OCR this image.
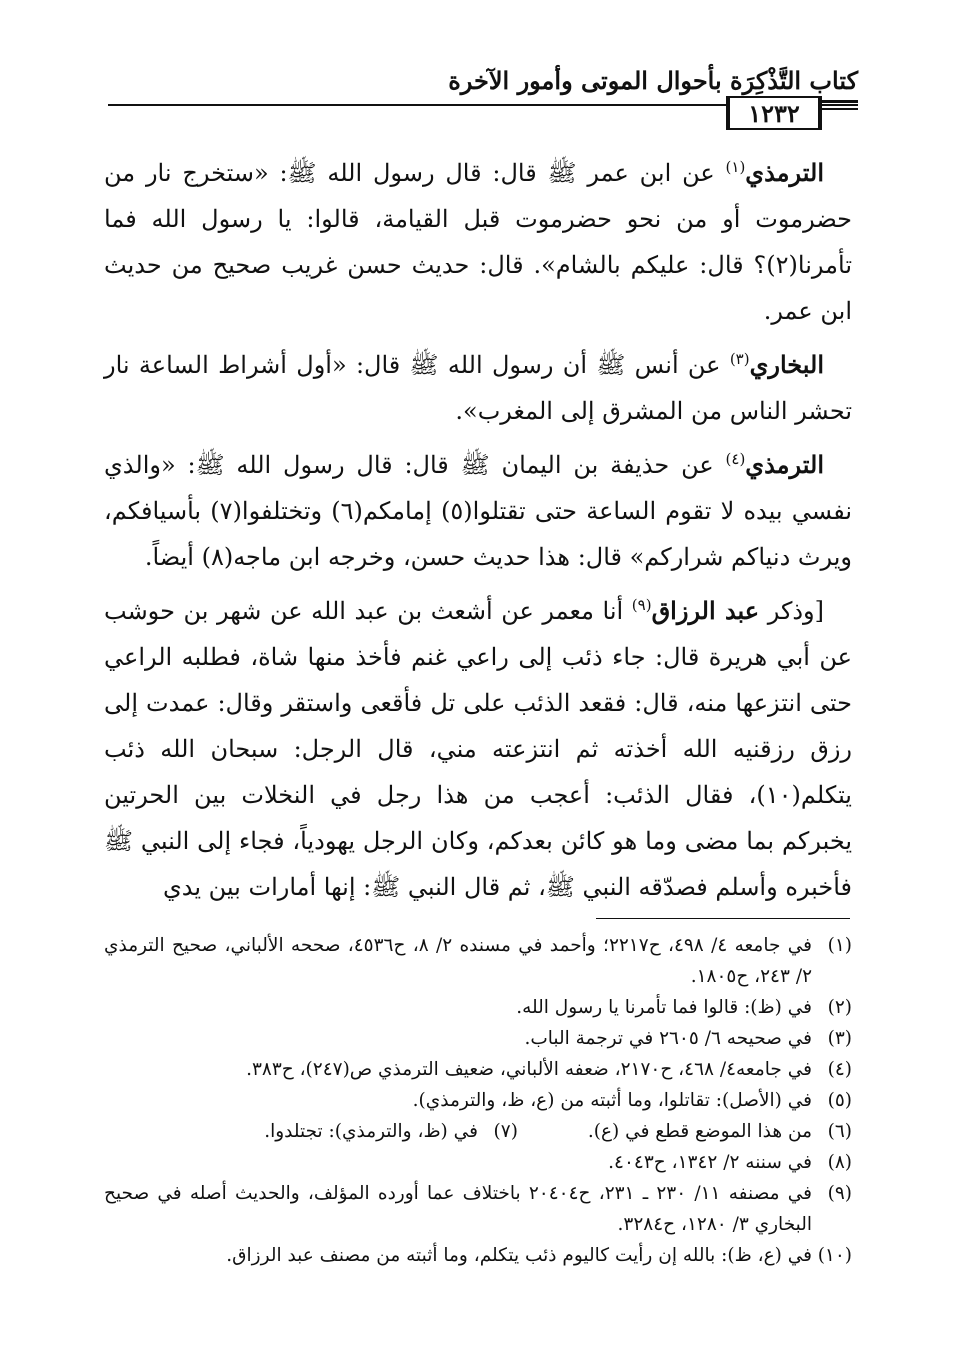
كتاب التَّذْكِرَة بأحوال الموتى وأمور الآخرة
١٢٣٢

الترمذي$^{(١)}$ عن ابن عمر ﷺ قال: قال رسول الله ﷺ: «ستخرج نار من حضرموت أو من نحو حضرموت قبل القيامة، قالوا: يا رسول الله فما تأمرنا(٢)؟ قال: عليكم بالشام». قال: حديث حسن غريب صحيح من حديث ابن عمر.

البخاري$^{(٣)}$ عن أنس ﷺ أن رسول الله ﷺ قال: «أول أشراط الساعة نار تحشر الناس من المشرق إلى المغرب».

الترمذي$^{(٤)}$ عن حذيفة بن اليمان ﷺ قال: قال رسول الله ﷺ: «والذي نفسي بيده لا تقوم الساعة حتى تقتلوا(٥) إمامكم(٦) وتختلفوا(٧) بأسيافكم، ويرث دنياكم شراركم» قال: هذا حديث حسن، وخرجه ابن ماجه(٨) أيضاً.

[وذكر عبد الرزاق$^{(٩)}$ أنا معمر عن أشعث بن عبد الله عن شهر بن حوشب عن أبي هريرة قال: جاء ذئب إلى راعي غنم فأخذ منها شاة، فطلبه الراعي حتى انتزعها منه، قال: فقعد الذئب على تل فأقعى واستقر وقال: عمدت إلى رزق رزقنيه الله أخذته ثم انتزعته مني، قال الرجل: سبحان الله ذئب يتكلم(١٠)، فقال الذئب: أعجب من هذا رجل في النخلات بين الحرتين يخبركم بما مضى وما هو كائن بعدكم، وكان الرجل يهودياً، فجاء إلى النبي ﷺ فأخبره وأسلم فصدّقه النبي ﷺ، ثم قال النبي ﷺ: إنها أمارات بين يدي

(١)
في جامعه ٤/ ٤٩٨، ح٢٢١٧؛ وأحمد في مسنده ٢/ ٨، ح٤٥٣٦، صححه الألباني، صحيح الترمذي ٢/ ٢٤٣، ح١٨٠٥.
(٢)
في (ظ): قالوا فما تأمرنا يا رسول الله.
(٣)
في صحيحه ٦/ ٢٦٠٥ في ترجمة الباب.
(٤)
في جامعه٤/ ٤٦٨، ح٢١٧٠، ضعفه الألباني، ضعيف الترمذي ص(٢٤٧)، ح٣٨٣.
(٥)
في (الأصل): تقاتلوا، وما أثبته من (ع، ظ، والترمذي).
(٦)
من هذا الموضع قطع في (ع).
(٧)
في (ظ، والترمذي): تجتلدوا.
(٨)
في سننه ٢/ ١٣٤٢، ح٤٠٤٣.
(٩)
في مصنفه ١١/ ٢٣٠ ـ ٢٣١، ح٢٠٤٠٤ باختلاف عما أورده المؤلف، والحديث أصله في صحيح البخاري ٣/ ١٢٨٠، ح٣٢٨٤.
(١٠)
في (ع، ظ): بالله إن رأيت كاليوم ذئب يتكلم، وما أثبته من مصنف عبد الرزاق.
